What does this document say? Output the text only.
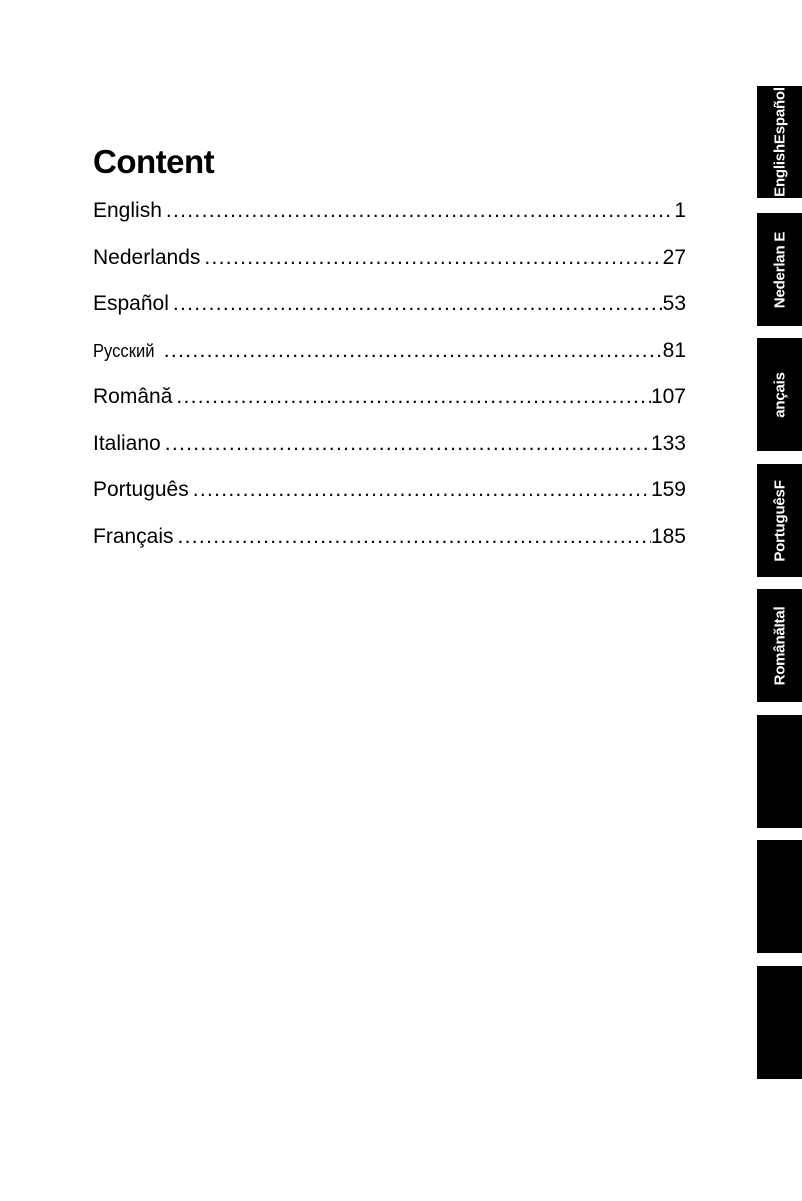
Content
English .....	1
Nederlands .....	27
Español .....	53
Русский .....	81
Română .....	107
Italiano .....	133
Português .....	159
Français .....	185
EnglishEspañol
Nederlan E
ançais
PortuguêsF
RomânăItal
